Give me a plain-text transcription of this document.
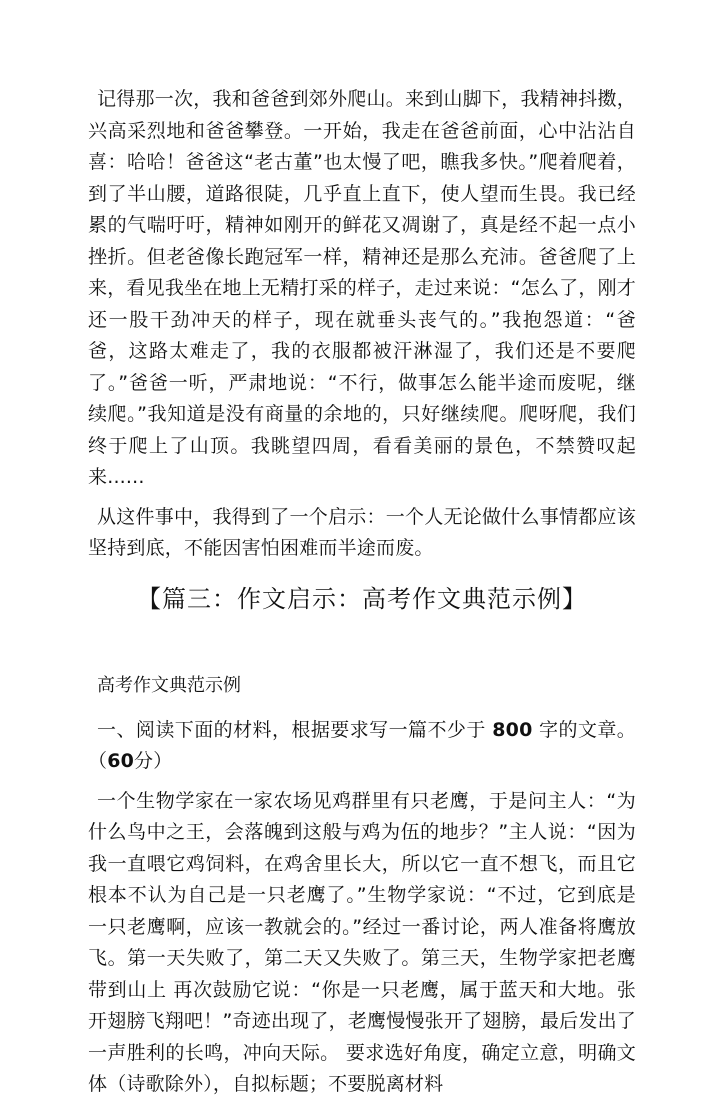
记得那一次，我和爸爸到郊外爬山。来到山脚下，我精神抖擞，兴高采烈地和爸爸攀登。一开始，我走在爸爸前面，心中沾沾自喜：哈哈！爸爸这“老古董”也太慢了吧，瞧我多快。”爬着爬着，到了半山腰，道路很陡，几乎直上直下，使人望而生畏。我已经累的气喘吁吁，精神如刚开的鲜花又凋谢了，真是经不起一点小挫折。但老爸像长跑冠军一样，精神还是那么充沛。爸爸爬了上来，看见我坐在地上无精打采的样子，走过来说：“怎么了，刚才还一股干劲冲天的样子，现在就垂头丧气的。”我抱怨道：“爸爸，这路太难走了，我的衣服都被汗淋湿了，我们还是不要爬了。”爸爸一听，严肃地说：“不行，做事怎么能半途而废呢，继续爬。”我知道是没有商量的余地的，只好继续爬。爬呀爬，我们终于爬上了山顶。我眺望四周，看看美丽的景色，不禁赞叹起来......

从这件事中，我得到了一个启示：一个人无论做什么事情都应该坚持到底，不能因害怕困难而半途而废。

【篇三：作文启示：高考作文典范示例】
高考作文典范示例

一、阅读下面的材料，根据要求写一篇不少于 800 字的文章。（60分）

一个生物学家在一家农场见鸡群里有只老鹰，于是问主人：“为什么鸟中之王，会落魄到这般与鸡为伍的地步？”主人说：“因为我一直喂它鸡饲料，在鸡舍里长大，所以它一直不想飞，而且它根本不认为自己是一只老鹰了。”生物学家说：“不过，它到底是一只老鹰啊，应该一教就会的。”经过一番讨论，两人准备将鹰放飞。第一天失败了，第二天又失败了。第三天，生物学家把老鹰带到山上 再次鼓励它说：“你是一只老鹰，属于蓝天和大地。张开翅膀飞翔吧！”奇迹出现了，老鹰慢慢张开了翅膀，最后发出了一声胜利的长鸣，冲向天际。 要求选好角度，确定立意，明确文体（诗歌除外），自拟标题；不要脱离材料
